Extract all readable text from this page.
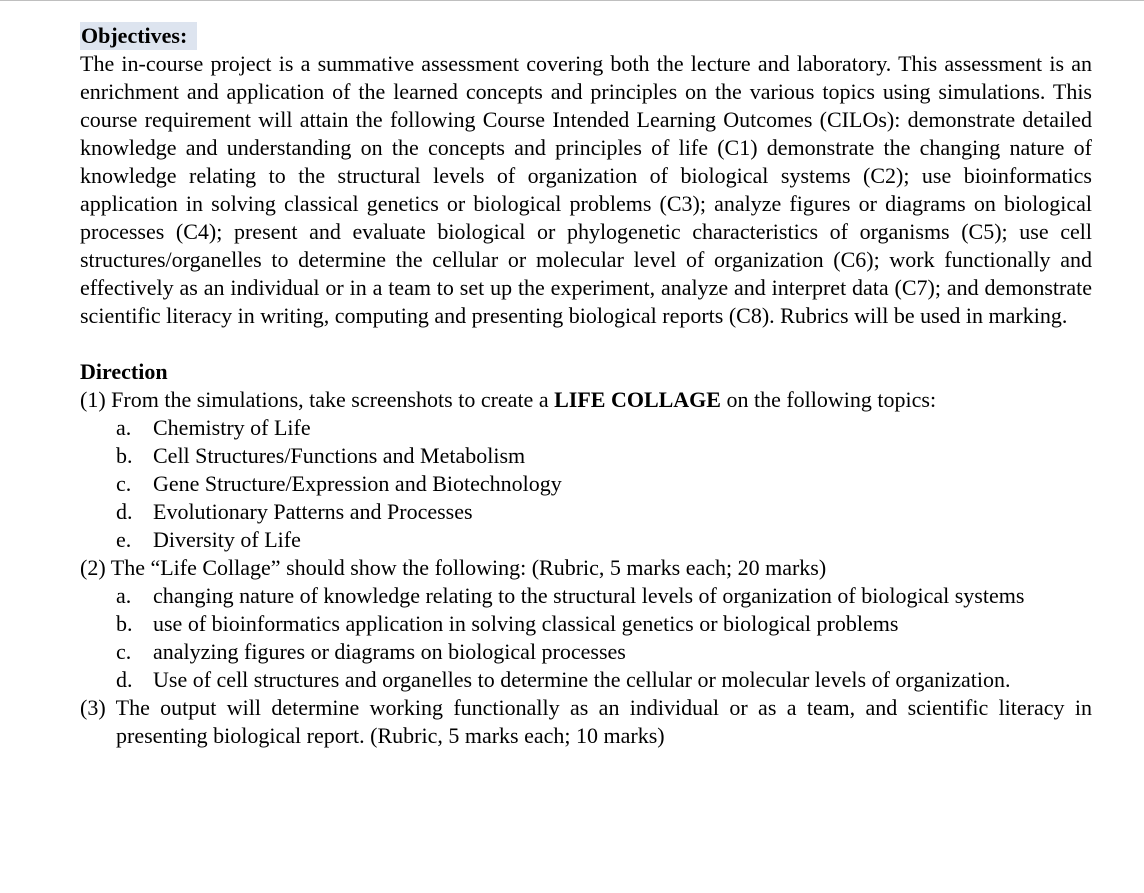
Objectives:

The in-course project is a summative assessment covering both the lecture and laboratory. This assessment is an enrichment and application of the learned concepts and principles on the various topics using simulations. This course requirement will attain the following Course Intended Learning Outcomes (CILOs): demonstrate detailed knowledge and understanding on the concepts and principles of life (C1) demonstrate the changing nature of knowledge relating to the structural levels of organization of biological systems (C2); use bioinformatics application in solving classical genetics or biological problems (C3); analyze figures or diagrams on biological processes (C4); present and evaluate biological or phylogenetic characteristics of organisms (C5); use cell structures/organelles to determine the cellular or molecular level of organization (C6); work functionally and effectively as an individual or in a team to set up the experiment, analyze and interpret data (C7); and demonstrate scientific literacy in writing, computing and presenting biological reports (C8). Rubrics will be used in marking.

Direction
(1) From the simulations, take screenshots to create a LIFE COLLAGE on the following topics:
a. Chemistry of Life
b. Cell Structures/Functions and Metabolism
c. Gene Structure/Expression and Biotechnology
d. Evolutionary Patterns and Processes
e. Diversity of Life
(2) The “Life Collage” should show the following: (Rubric, 5 marks each; 20 marks)
a. changing nature of knowledge relating to the structural levels of organization of biological systems
b. use of bioinformatics application in solving classical genetics or biological problems
c. analyzing figures or diagrams on biological processes
d. Use of cell structures and organelles to determine the cellular or molecular levels of organization.
(3) The output will determine working functionally as an individual or as a team, and scientific literacy in presenting biological report. (Rubric, 5 marks each; 10 marks)
